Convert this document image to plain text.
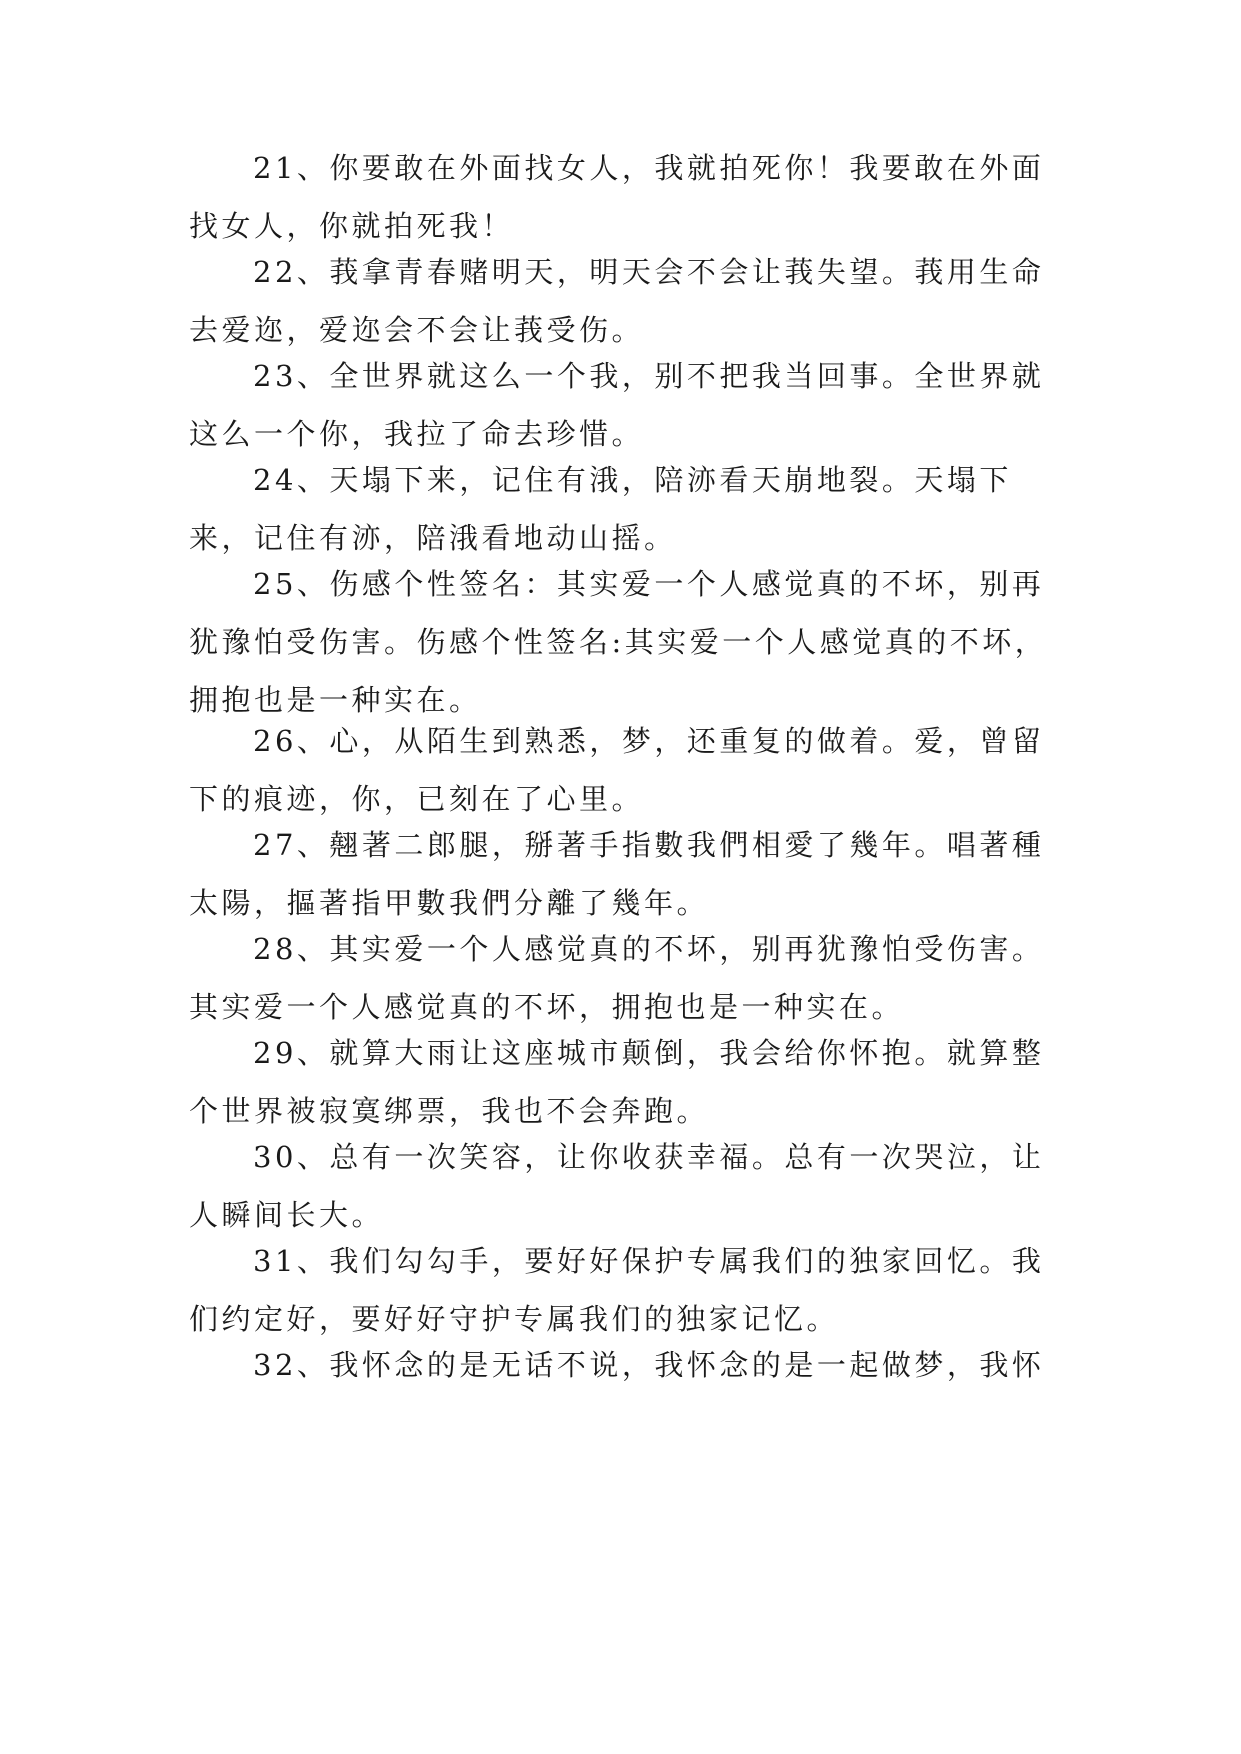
21、你要敢在外面找女人，我就拍死你！我要敢在外面找女人，你就拍死我！

22、莪拿青春赌明天，明天会不会让莪失望。莪用生命去爱迩，爱迩会不会让莪受伤。

23、全世界就这么一个我，别不把我当回事。全世界就这么一个你，我拉了命去珍惜。

24、天塌下来，记住有涐，陪洂看天崩地裂。天塌下来，记住有洂，陪涐看地动山摇。

25、伤感个性签名：其实爱一个人感觉真的不坏，别再犹豫怕受伤害。伤感个性签名:其实爱一个人感觉真的不坏，拥抱也是一种实在。

26、心，从陌生到熟悉，梦，还重复的做着。爱，曾留下的痕迹，你，已刻在了心里。

27、翹著二郎腿，掰著手指數我們相愛了幾年。唱著種太陽，摳著指甲數我們分離了幾年。

28、其实爱一个人感觉真的不坏，别再犹豫怕受伤害。其实爱一个人感觉真的不坏，拥抱也是一种实在。

29、就算大雨让这座城市颠倒，我会给你怀抱。就算整个世界被寂寞绑票，我也不会奔跑。

30、总有一次笑容，让你收获幸福。总有一次哭泣，让人瞬间长大。

31、我们勾勾手，要好好保护专属我们的独家回忆。我们约定好，要好好守护专属我们的独家记忆。

32、我怀念的是无话不说，我怀念的是一起做梦，我怀
